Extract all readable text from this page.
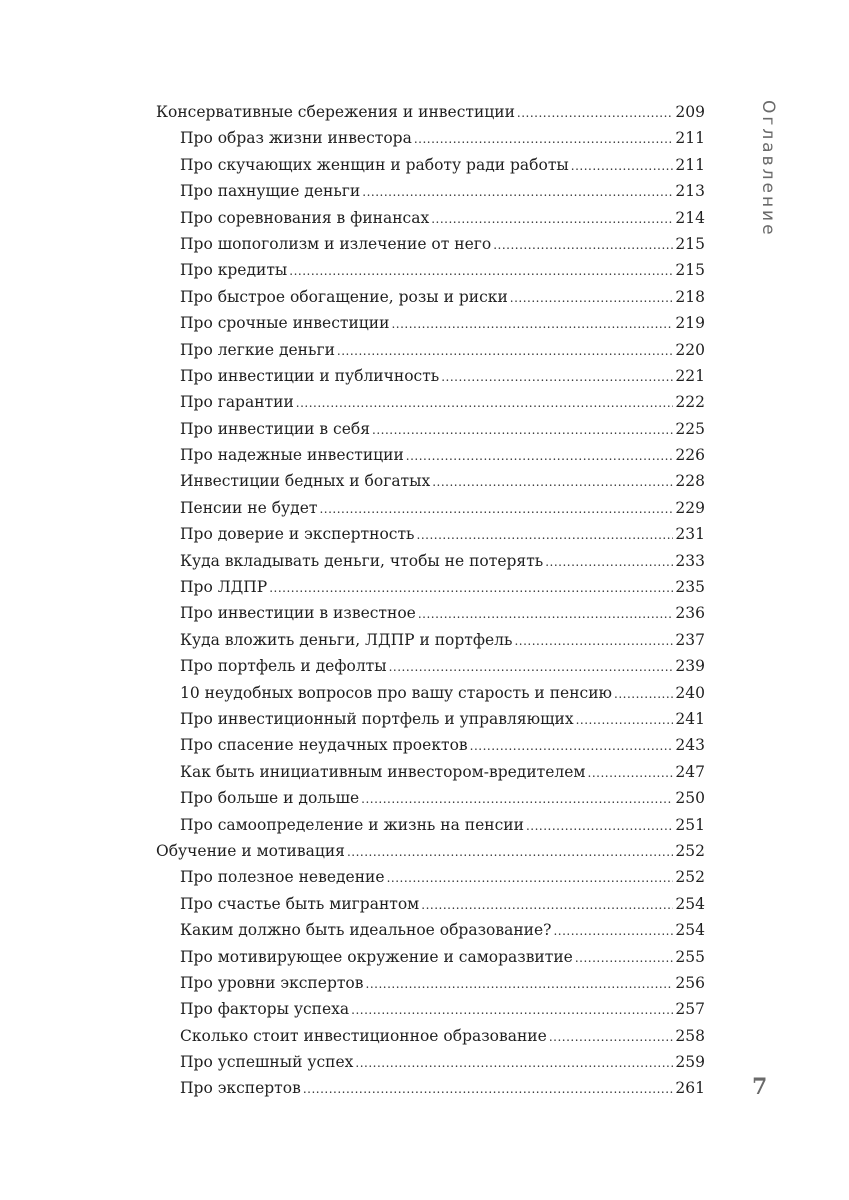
Консервативные сбережения и инвестиции .....	209
Про образ жизни инвестора .....	211
Про скучающих женщин и работу ради работы .....	211
Про пахнущие деньги .....	213
Про соревнования в финансах .....	214
Про шопоголизм и излечение от него .....	215
Про кредиты .....	215
Про быстрое обогащение, розы и риски .....	218
Про срочные инвестиции .....	219
Про легкие деньги .....	220
Про инвестиции и публичность .....	221
Про гарантии .....	222
Про инвестиции в себя .....	225
Про надежные инвестиции .....	226
Инвестиции бедных и богатых .....	228
Пенсии не будет .....	229
Про доверие и экспертность .....	231
Куда вкладывать деньги, чтобы не потерять .....	233
Про ЛДПР .....	235
Про инвестиции в известное .....	236
Куда вложить деньги, ЛДПР и портфель .....	237
Про портфель и дефолты .....	239
10 неудобных вопросов про вашу старость и пенсию .....	240
Про инвестиционный портфель и управляющих .....	241
Про спасение неудачных проектов .....	243
Как быть инициативным инвестором-вредителем .....	247
Про больше и дольше .....	250
Про самоопределение и жизнь на пенсии .....	251
Обучение и мотивация .....	252
Про полезное неведение .....	252
Про счастье быть мигрантом .....	254
Каким должно быть идеальное образование? .....	254
Про мотивирующее окружение и саморазвитие .....	255
Про уровни экспертов .....	256
Про факторы успеха .....	257
Сколько стоит инвестиционное образование .....	258
Про успешный успех .....	259
Про экспертов .....	261
Оглавление
7
